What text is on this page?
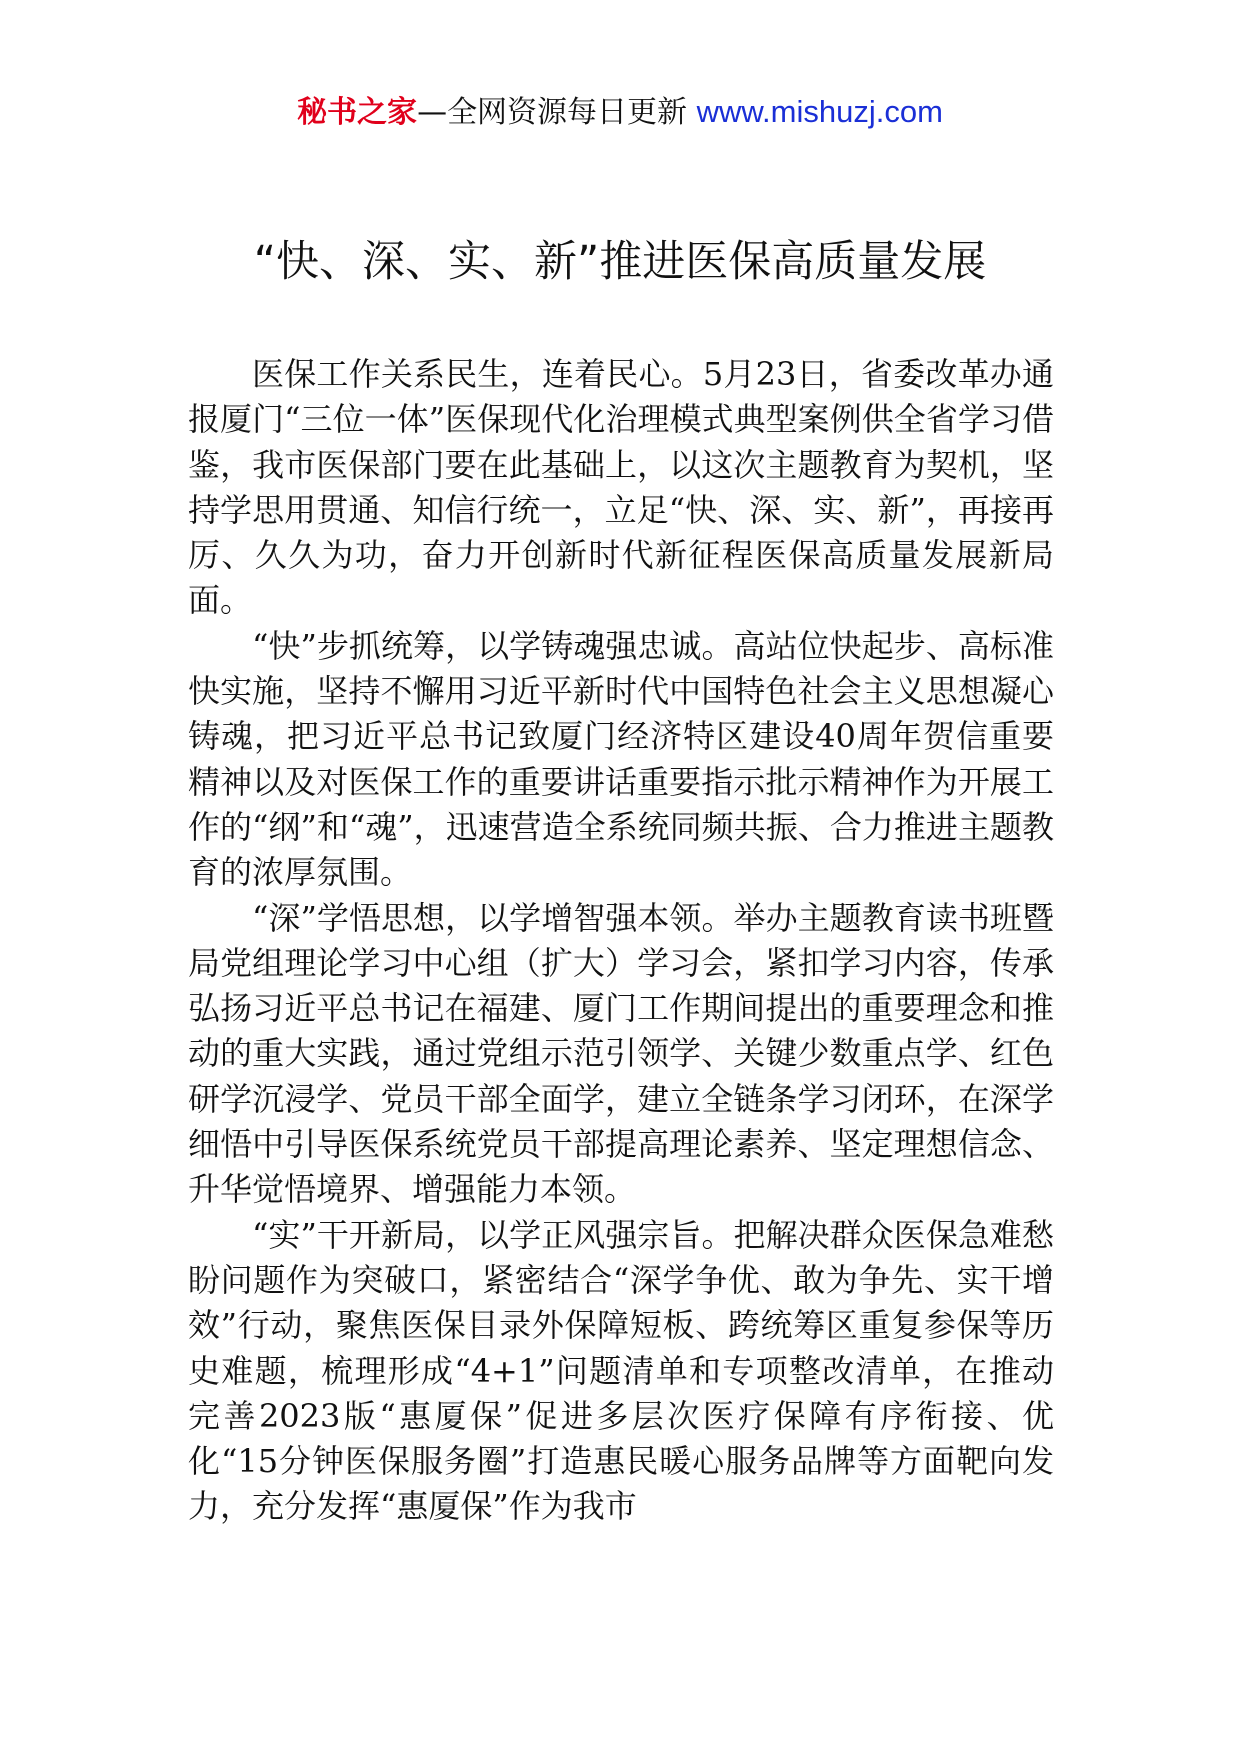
秘书之家—全网资源每日更新 www.mishuzj.com
“快、深、实、新”推进医保高质量发展

医保工作关系民生，连着民心。5月23日，省委改革办通报厦门“三位一体”医保现代化治理模式典型案例供全省学习借鉴，我市医保部门要在此基础上，以这次主题教育为契机，坚持学思用贯通、知信行统一，立足“快、深、实、新”，再接再厉、久久为功，奋力开创新时代新征程医保高质量发展新局面。

“快”步抓统筹，以学铸魂强忠诚。高站位快起步、高标准快实施，坚持不懈用习近平新时代中国特色社会主义思想凝心铸魂，把习近平总书记致厦门经济特区建设40周年贺信重要精神以及对医保工作的重要讲话重要指示批示精神作为开展工作的“纲”和“魂”，迅速营造全系统同频共振、合力推进主题教育的浓厚氛围。

“深”学悟思想，以学增智强本领。举办主题教育读书班暨局党组理论学习中心组（扩大）学习会，紧扣学习内容，传承弘扬习近平总书记在福建、厦门工作期间提出的重要理念和推动的重大实践，通过党组示范引领学、关键少数重点学、红色研学沉浸学、党员干部全面学，建立全链条学习闭环，在深学细悟中引导医保系统党员干部提高理论素养、坚定理想信念、升华觉悟境界、增强能力本领。

“实”干开新局，以学正风强宗旨。把解决群众医保急难愁盼问题作为突破口，紧密结合“深学争优、敢为争先、实干增效”行动，聚焦医保目录外保障短板、跨统筹区重复参保等历史难题，梳理形成“4+1”问题清单和专项整改清单，在推动完善2023版“惠厦保”促进多层次医疗保障有序衔接、优化“15分钟医保服务圈”打造惠民暖心服务品牌等方面靶向发力，充分发挥“惠厦保”作为我市
